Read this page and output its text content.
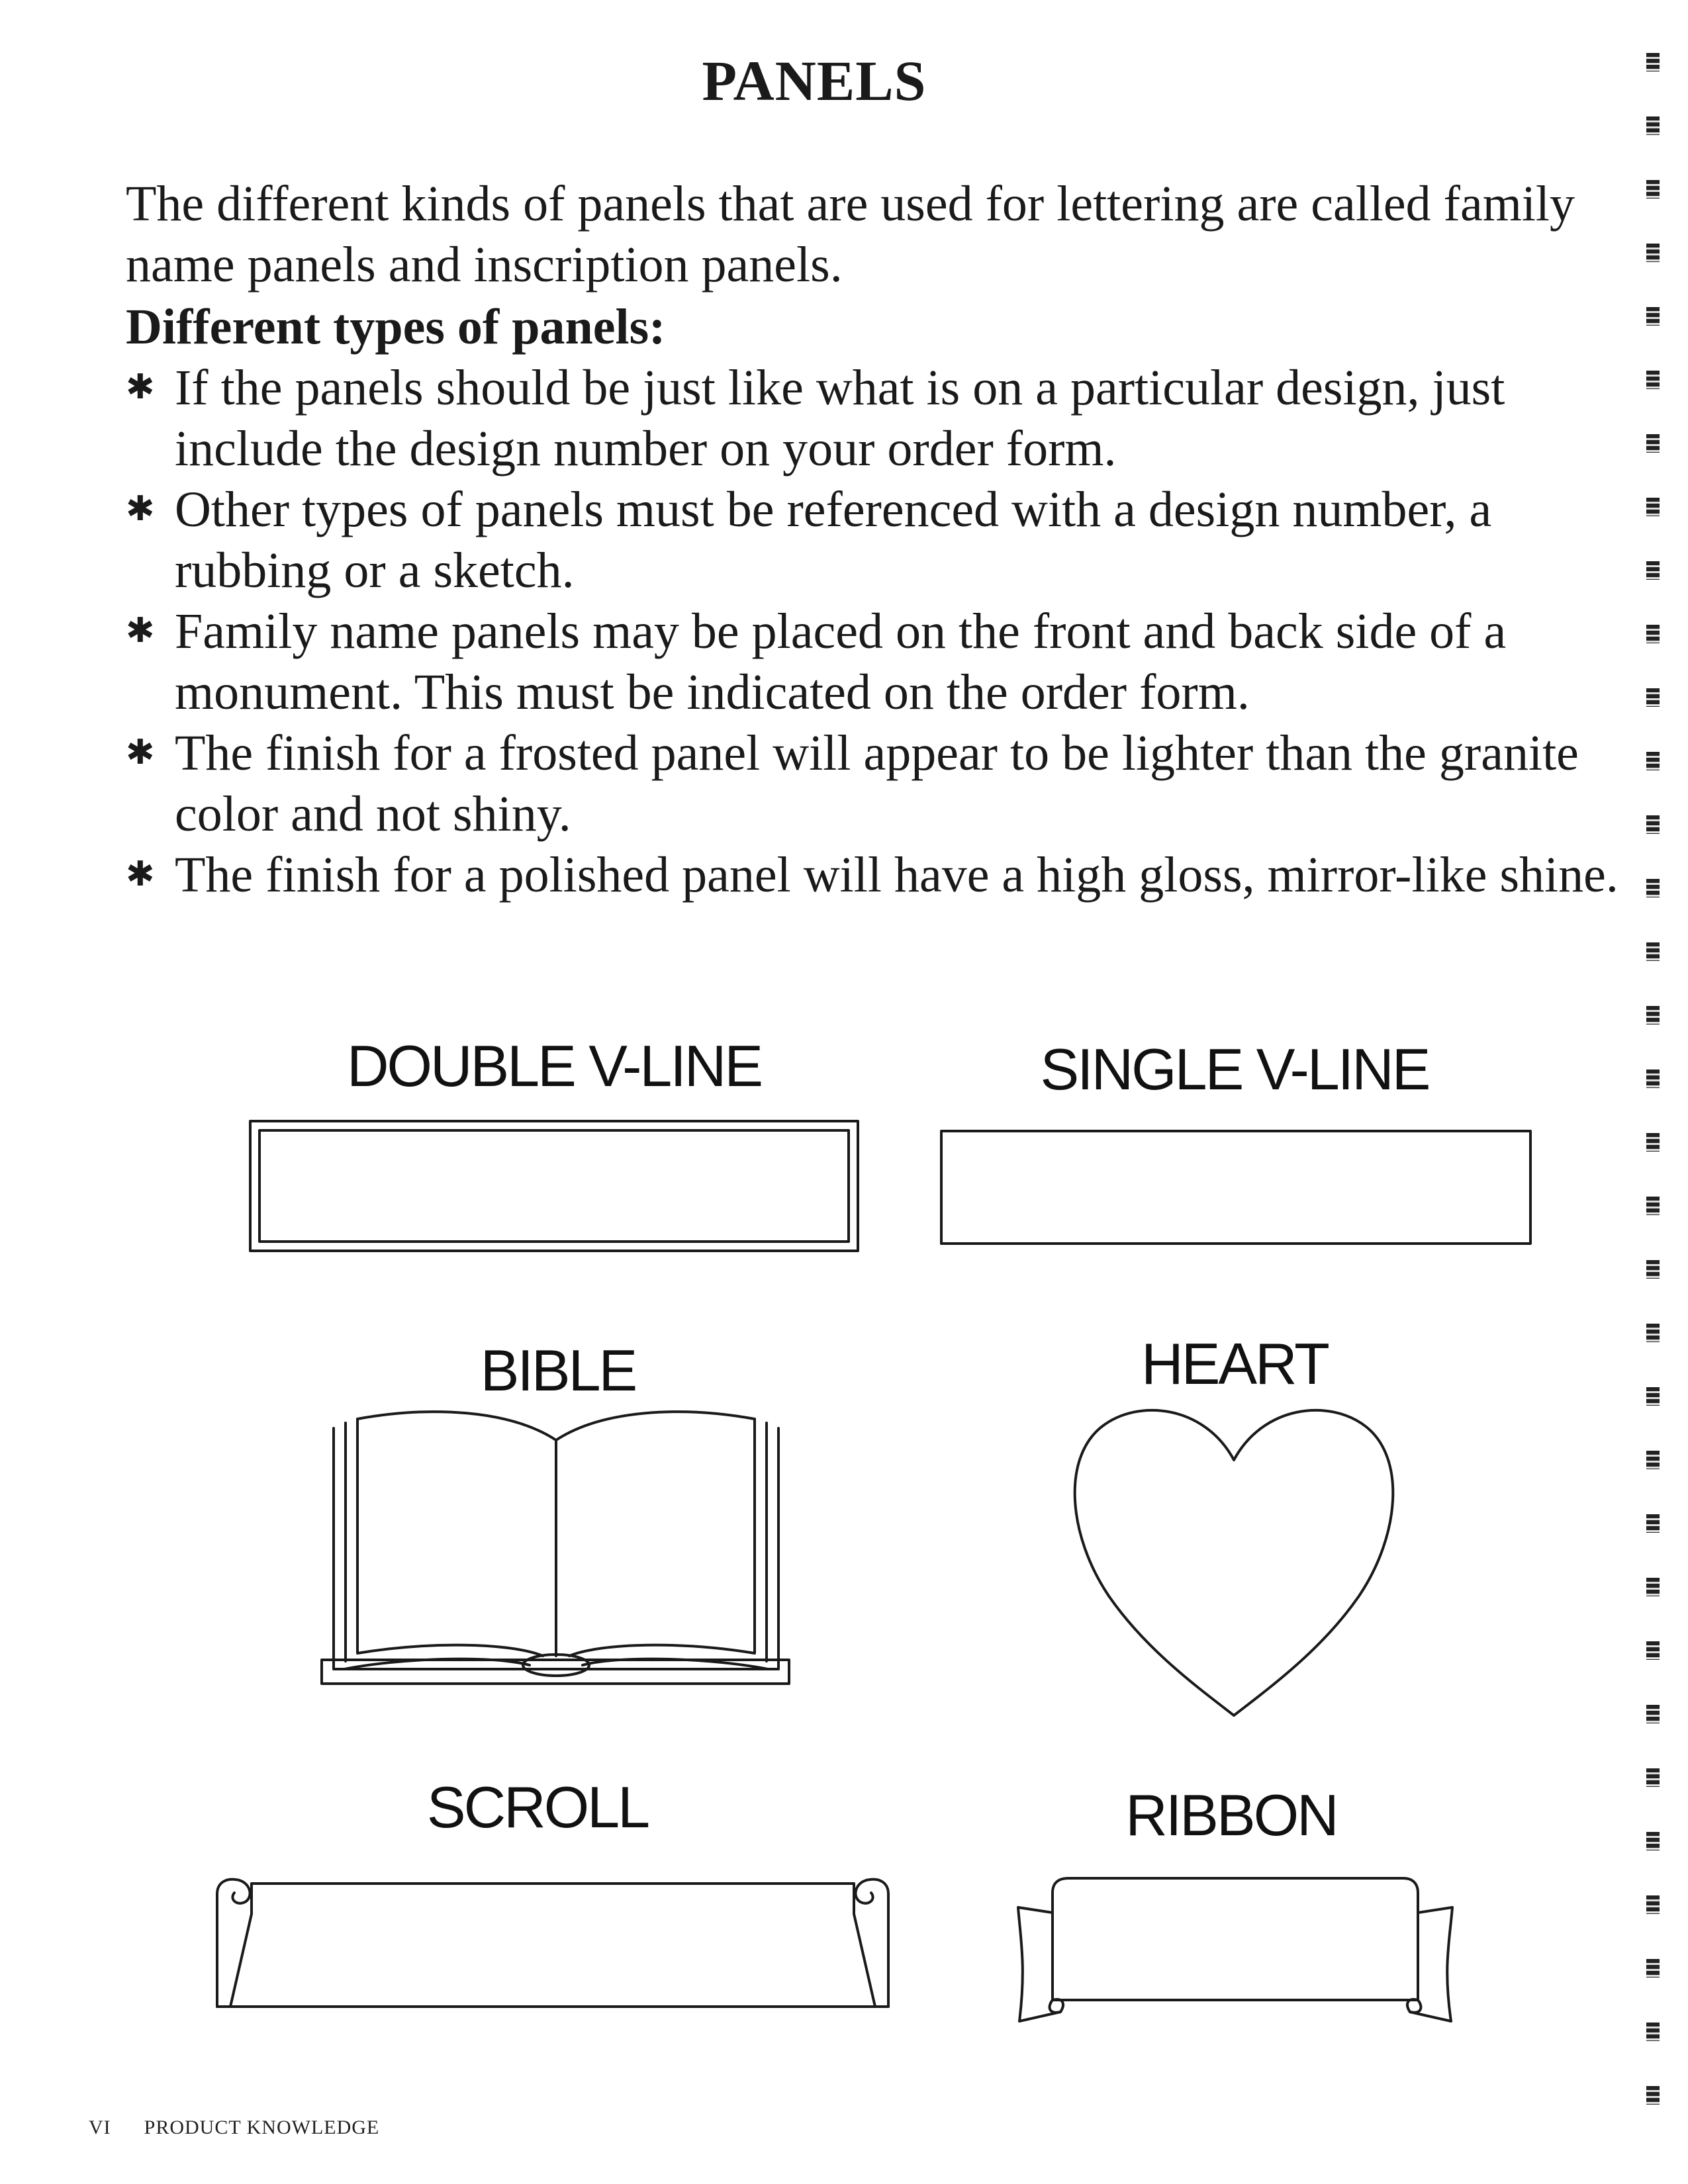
PANELS
The different kinds of panels that are used for lettering are called family name panels and inscription panels.
Different types of panels:
✱ If the panels should be just like what is on a particular design, just include the design number on your order form.
✱ Other types of panels must be referenced with a design number, a rubbing or a sketch.
✱ Family name panels may be placed on the front and back side of a monument. This must be indicated on the order form.
✱ The finish for a frosted panel will appear to be lighter than the granite color and not shiny.
✱ The finish for a polished panel will have a high gloss, mirror-like shine.
DOUBLE V-LINE	SINGLE V-LINE
BIBLE	HEART
SCROLL	RIBBON
VI PRODUCT KNOWLEDGE
